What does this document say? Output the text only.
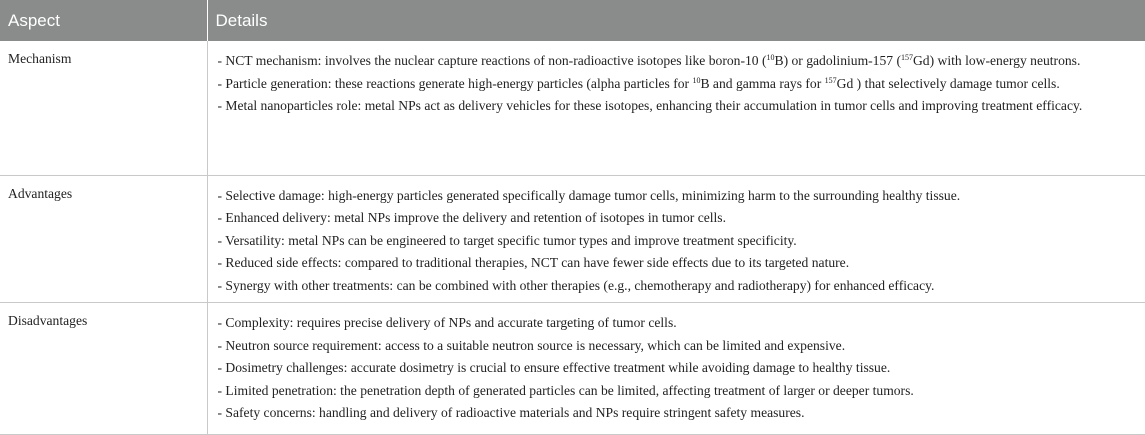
Aspect	Details
Mechanism	- NCT mechanism: involves the nuclear capture reactions of non-radioactive isotopes like boron-10 ($^{10}$B) or gadolinium-157 ($^{157}$Gd) with low-energy neutrons.
- Particle generation: these reactions generate high-energy particles (alpha particles for $^{10}$B and gamma rays for $^{157}$Gd ) that selectively damage tumor cells.
- Metal nanoparticles role: metal NPs act as delivery vehicles for these isotopes, enhancing their accumulation in tumor cells and improving treatment efficacy.

Advantages	- Selective damage: high-energy particles generated specifically damage tumor cells, minimizing harm to the surrounding healthy tissue.
- Enhanced delivery: metal NPs improve the delivery and retention of isotopes in tumor cells.
- Versatility: metal NPs can be engineered to target specific tumor types and improve treatment specificity.
- Reduced side effects: compared to traditional therapies, NCT can have fewer side effects due to its targeted nature.
- Synergy with other treatments: can be combined with other therapies (e.g., chemotherapy and radiotherapy) for enhanced efficacy.

Disadvantages	- Complexity: requires precise delivery of NPs and accurate targeting of tumor cells.
- Neutron source requirement: access to a suitable neutron source is necessary, which can be limited and expensive.
- Dosimetry challenges: accurate dosimetry is crucial to ensure effective treatment while avoiding damage to healthy tissue.
- Limited penetration: the penetration depth of generated particles can be limited, affecting treatment of larger or deeper tumors.
- Safety concerns: handling and delivery of radioactive materials and NPs require stringent safety measures.
